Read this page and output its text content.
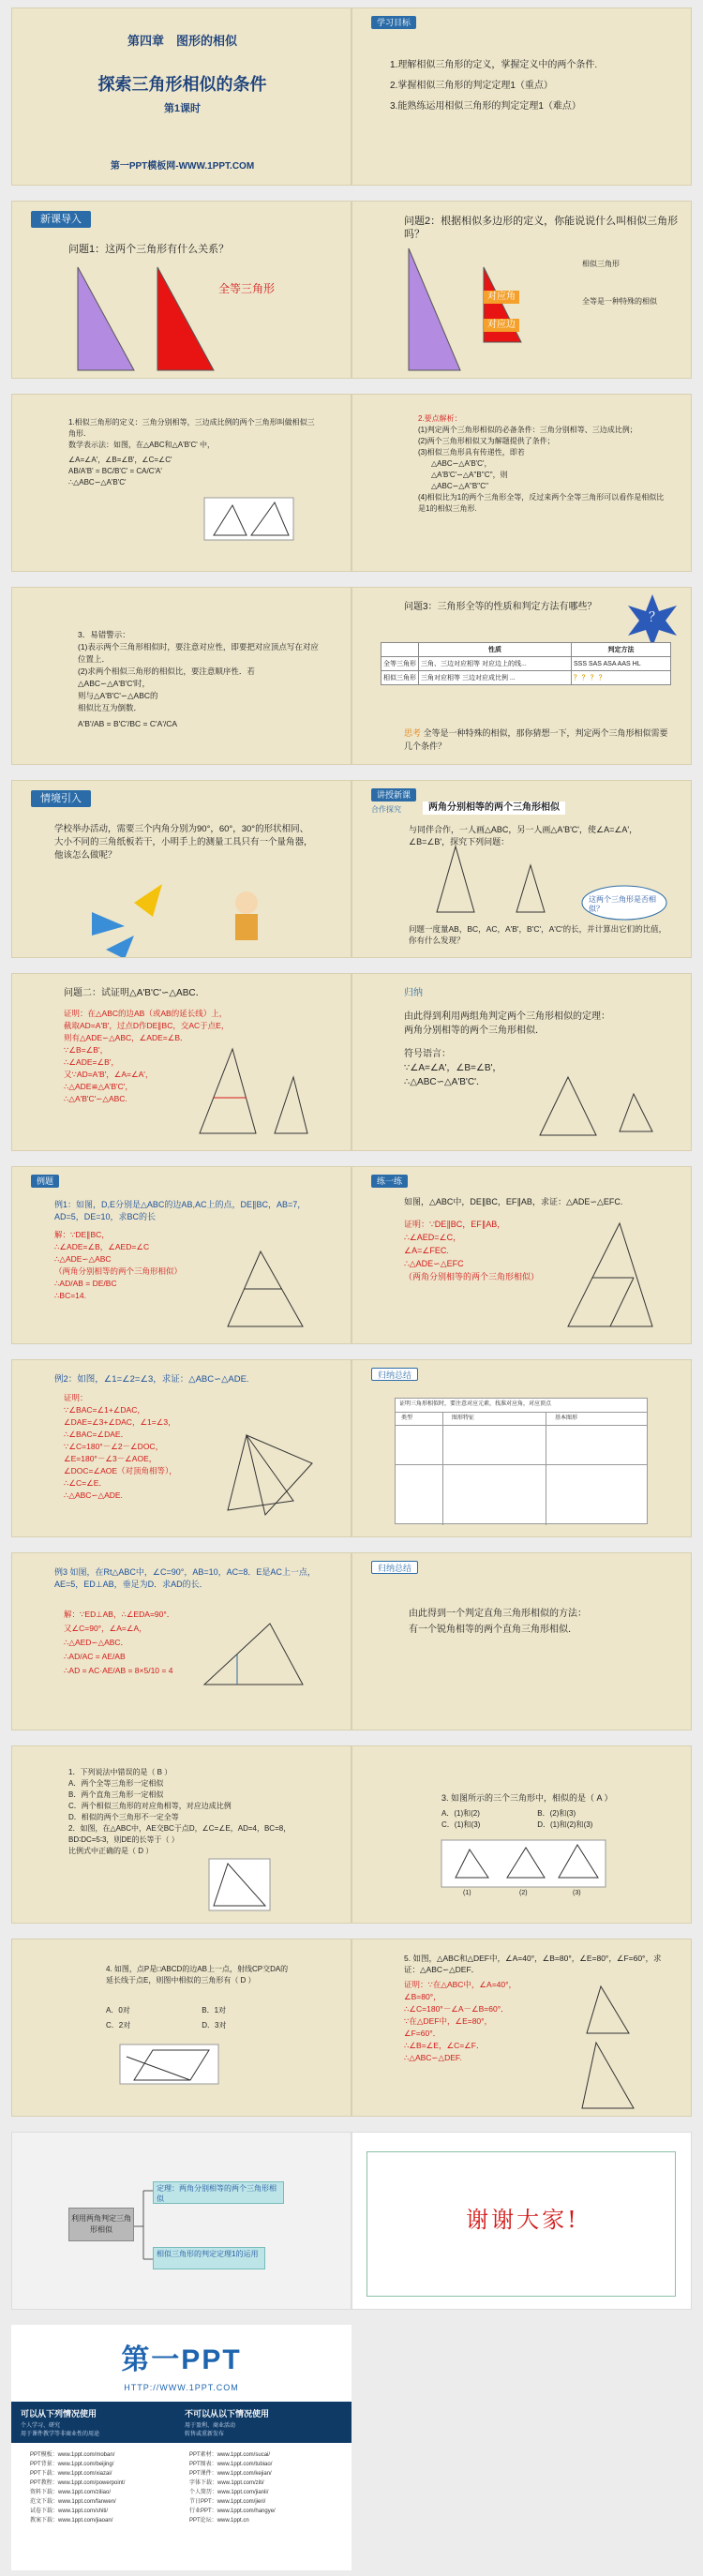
第四章　图形的相似
探索三角形相似的条件
第1课时
第一PPT模板网-WWW.1PPT.COM
学习目标
1.理解相似三角形的定义，掌握定义中的两个条件.
2.掌握相似三角形的判定定理1（重点）
3.能熟练运用相似三角形的判定定理1（难点）
新课导入
问题1：这两个三角形有什么关系？
全等三角形
问题2：根据相似多边形的定义，你能说说什么叫相似三角形吗？
对应角
对应边
相似三角形
全等是一种特殊的相似
1.相似三角形的定义：三角分别相等，三边成比例的两个三角形叫做相似三角形．
数学表示法：如图，在△ABC和△A'B'C' 中，
∠A=∠A'，∠B=∠B'，∠C=∠C'
AB/A'B' = BC/B'C' = CA/C'A'
∴△ABC∽△A'B'C'
2.要点解析：
(1)判定两个三角形相似的必备条件：三角分别相等、三边成比例；
(2)两个三角形相似又为解题提供了条件；
(3)相似三角形具有传递性，即若
△ABC∽△A'B'C'，
△A'B'C'∽△A''B''C''，则
△ABC∽△A''B''C''
(4)相似比为1的两个三角形全等，反过来两个全等三角形可以看作是相似比是1的相似三角形.
3．易错警示：
(1)表示两个三角形相似时，要注意对应性，即要把对应顶点写在对应位置上．
(2)求两个相似三角形的相似比，要注意顺序性．若△ABC∽△A'B'C'时，
则与△A'B'C'∽△ABC的
相似比互为倒数．
A'B'/AB = B'C'/BC = C'A'/CA
问题3：三角形全等的性质和判定方法有哪些？
？
	性质	判定方法
全等三角形	三角、三边对应相等 对应边上的线...	SSS SAS ASA AAS HL
相似三角形	三角对应相等 三边对应成比例 ...	？ ？ ？ ？
思考 全等是一种特殊的相似，那你猜想一下，判定两个三角形相似需要几个条件？
情境引入
学校举办活动，需要三个内角分别为90°，60°，30°的形状相同、大小不同的三角纸板若干，小明手上的测量工具只有一个量角器，他该怎么做呢？
讲授新课
合作探究	两角分别相等的两个三角形相似
与同伴合作，一人画△ABC，另一人画△A'B'C'，使∠A=∠A'，∠B=∠B'，探究下列问题：
这两个三角形是否相似？
问题一度量AB，BC，AC，A'B'，B'C'，A'C'的长，并计算出它们的比值，你有什么发现？
问题二：试证明△A'B'C'∽△ABC．
证明：在△ABC的边AB（或AB的延长线）上，
截取AD=A'B'，过点D作DE∥BC，交AC于点E，
则有△ADE∽△ABC，∠ADE=∠B．
∵∠B=∠B'，
∴∠ADE=∠B'，
又∵AD=A'B'，∠A=∠A'，
∴△ADE≌△A'B'C'，
∴△A'B'C'∽△ABC.
归纳
由此得到利用两组角判定两个三角形相似的定理：
两角分别相等的两个三角形相似．
符号语言：
∵∠A=∠A'，∠B=∠B'，
∴△ABC∽△A'B'C'．
例题
例1：如图，D,E分别是△ABC的边AB,AC上的点，DE∥BC，AB=7，AD=5，DE=10，求BC的长
解：∵DE∥BC，
∴∠ADE=∠B，∠AED=∠C
∴△ADE∽△ABC
（两角分别相等的两个三角形相似）
∴AD/AB = DE/BC
∴BC=14.
练一练
如图，△ABC中，DE∥BC，EF∥AB，求证：△ADE∽△EFC.
证明：∵DE∥BC，EF∥AB，
∴∠AED=∠C，
∠A=∠FEC.
∴△ADE∽△EFC
（两角分别相等的两个三角形相似）
例2：如图，∠1=∠2=∠3，求证：△ABC∽△ADE.
证明：
∵∠BAC=∠1+∠DAC，
∠DAE=∠3+∠DAC，∠1=∠3，
∴∠BAC=∠DAE．
∵∠C=180°－∠2－∠DOC，
∠E=180°－∠3－∠AOE，
∠DOC=∠AOE（对顶角相等），
∴∠C=∠E．
∴△ABC∽△ADE.
归纳总结
证明三角形相似时，要注意对应元素，找准对应角，对应顶点
类型	图形特征	基本图形
例3 如图，在Rt△ABC中，∠C=90°，AB=10，AC=8．E是AC上一点，AE=5，ED⊥AB，垂足为D．求AD的长．
解：∵ED⊥AB，∴∠EDA=90°．
又∠C=90°，∠A=∠A，
∴△AED∽△ABC．
∴AD/AC = AE/AB
∴AD = AC·AE/AB = 8×5/10 = 4
归纳总结
由此得到一个判定直角三角形相似的方法：
有一个锐角相等的两个直角三角形相似．
1．下列说法中错误的是（ B ）
A．两个全等三角形一定相似
B．两个直角三角形一定相似
C．两个相似三角形的对应角相等，对应边成比例
D．相似的两个三角形不一定全等
2．如图，在△ABC中，AE交BC于点D，∠C=∠E，AD=4，BC=8，BD∶DC=5∶3，则DE的长等于（ ）
比例式中正确的是（ D ）
3. 如图所示的三个三角形中，相似的是（ A ）
A．(1)和(2)	B．(2)和(3) C．(1)和(3)	D．(1)和(2)和(3)
(1)	(2)	(3)
4. 如图，点P是□ABCD的边AB上一点，射线CP交DA的延长线于点E，则图中相似的三角形有（ D ）
A．0对	B．1对 C．2对	D．3对
5. 如图，△ABC和△DEF中，∠A=40°，∠B=80°，∠E=80°，∠F=60°，求证：△ABC∽△DEF．
证明：∵在△ABC中，∠A=40°，
∠B=80°，
∴∠C=180°－∠A－∠B=60°．
∵在△DEF中，∠E=80°，
∠F=60°．
∴∠B=∠E，∠C=∠F．
∴△ABC∽△DEF.
利用两角判定三角形相似
定理：两角分别相等的两个三角形相似
相似三角形的判定定理1的运用
谢谢大家!
第一PPT
HTTP://WWW.1PPT.COM
可以从下列情况使用	不可以从以下情况使用
个人学习、研究
用于课件教学等非商业性的用途
用于盈利、商业活动
转售或重新发布
PPT模板：www.1ppt.com/moban/
PPT背景：www.1ppt.com/beijing/
PPT下载：www.1ppt.com/xiazai/
PPT教程：www.1ppt.com/powerpoint/
资料下载：www.1ppt.com/ziliao/
范文下载：www.1ppt.com/fanwen/
试卷下载：www.1ppt.com/shiti/
教案下载：www.1ppt.com/jiaoan/
PPT素材：www.1ppt.com/sucai/
PPT图表：www.1ppt.com/tubiao/
PPT课件：www.1ppt.com/kejian/
字体下载：www.1ppt.com/ziti/
个人简历：www.1ppt.com/jianli/
节日PPT：www.1ppt.com/jieri/
行业PPT：www.1ppt.com/hangye/
PPT论坛：www.1ppt.cn
